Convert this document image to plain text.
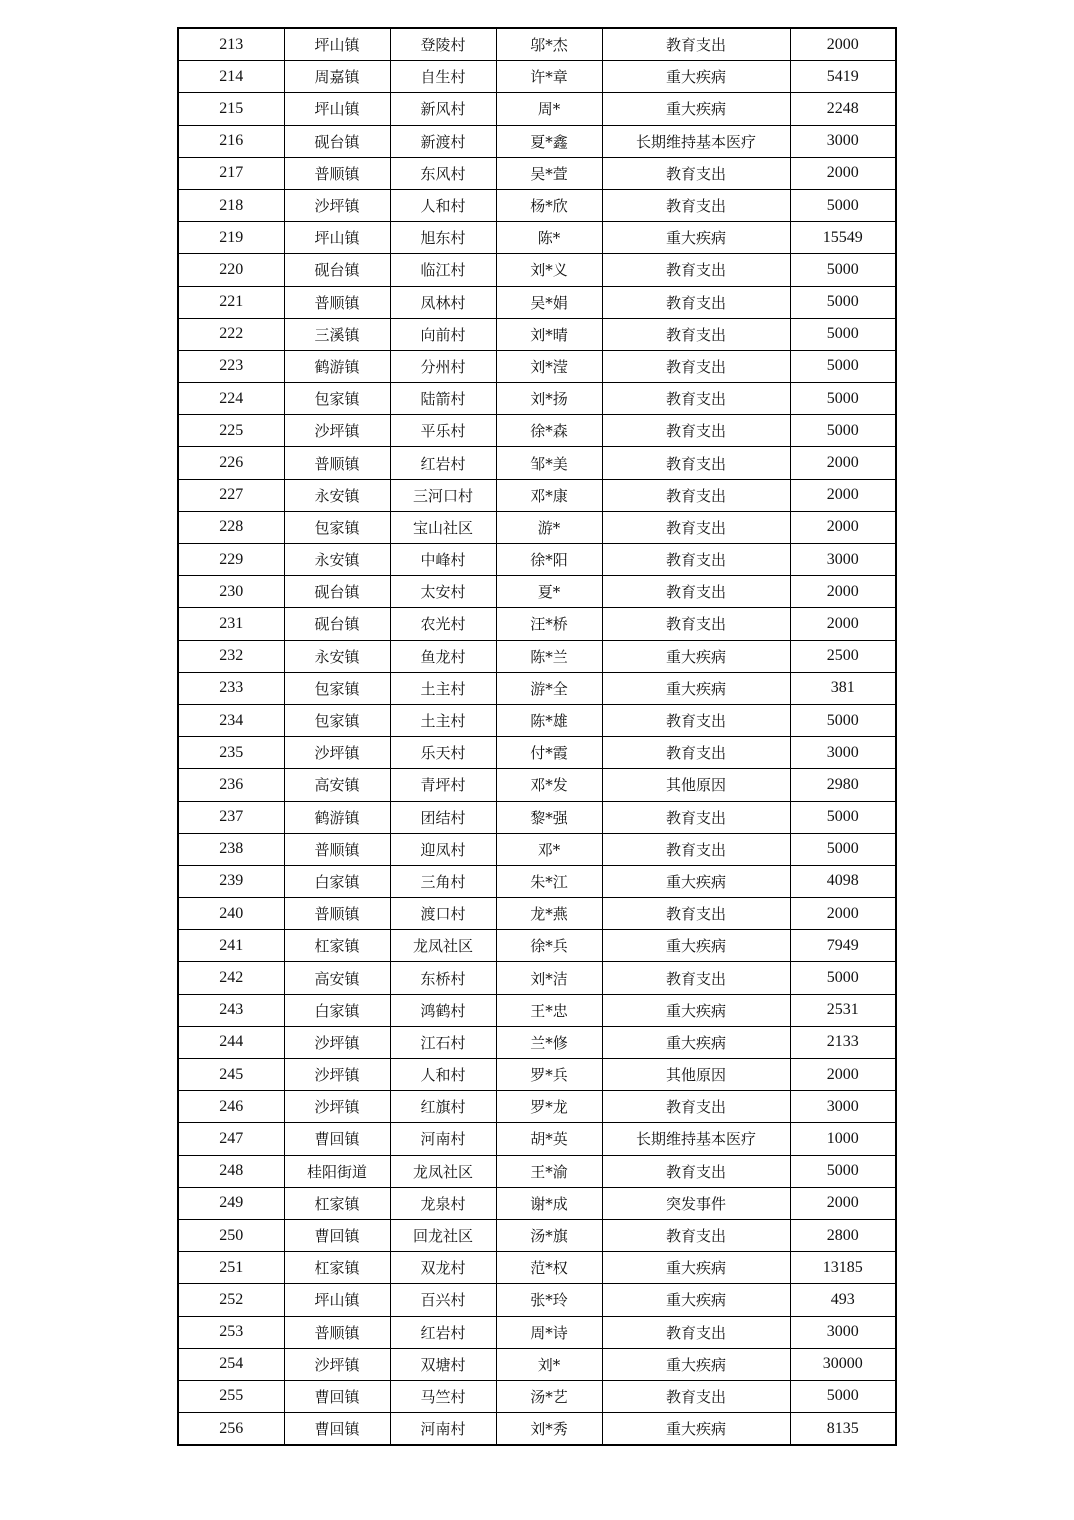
213	坪山镇	登陵村	邬*杰	教育支出	2000
214	周嘉镇	自生村	许*章	重大疾病	5419
215	坪山镇	新风村	周*	重大疾病	2248
216	砚台镇	新渡村	夏*鑫	长期维持基本医疗	3000
217	普顺镇	东风村	吴*萱	教育支出	2000
218	沙坪镇	人和村	杨*欣	教育支出	5000
219	坪山镇	旭东村	陈*	重大疾病	15549
220	砚台镇	临江村	刘*义	教育支出	5000
221	普顺镇	凤林村	吴*娟	教育支出	5000
222	三溪镇	向前村	刘*晴	教育支出	5000
223	鹤游镇	分州村	刘*滢	教育支出	5000
224	包家镇	陆箭村	刘*扬	教育支出	5000
225	沙坪镇	平乐村	徐*森	教育支出	5000
226	普顺镇	红岩村	邹*美	教育支出	2000
227	永安镇	三河口村	邓*康	教育支出	2000
228	包家镇	宝山社区	游*	教育支出	2000
229	永安镇	中峰村	徐*阳	教育支出	3000
230	砚台镇	太安村	夏*	教育支出	2000
231	砚台镇	农光村	汪*桥	教育支出	2000
232	永安镇	鱼龙村	陈*兰	重大疾病	2500
233	包家镇	土主村	游*全	重大疾病	381
234	包家镇	土主村	陈*雄	教育支出	5000
235	沙坪镇	乐天村	付*霞	教育支出	3000
236	高安镇	青坪村	邓*发	其他原因	2980
237	鹤游镇	团结村	黎*强	教育支出	5000
238	普顺镇	迎凤村	邓*	教育支出	5000
239	白家镇	三角村	朱*江	重大疾病	4098
240	普顺镇	渡口村	龙*燕	教育支出	2000
241	杠家镇	龙凤社区	徐*兵	重大疾病	7949
242	高安镇	东桥村	刘*洁	教育支出	5000
243	白家镇	鸿鹤村	王*忠	重大疾病	2531
244	沙坪镇	江石村	兰*修	重大疾病	2133
245	沙坪镇	人和村	罗*兵	其他原因	2000
246	沙坪镇	红旗村	罗*龙	教育支出	3000
247	曹回镇	河南村	胡*英	长期维持基本医疗	1000
248	桂阳街道	龙凤社区	王*渝	教育支出	5000
249	杠家镇	龙泉村	谢*成	突发事件	2000
250	曹回镇	回龙社区	汤*旗	教育支出	2800
251	杠家镇	双龙村	范*权	重大疾病	13185
252	坪山镇	百兴村	张*玲	重大疾病	493
253	普顺镇	红岩村	周*诗	教育支出	3000
254	沙坪镇	双塘村	刘*	重大疾病	30000
255	曹回镇	马竺村	汤*艺	教育支出	5000
256	曹回镇	河南村	刘*秀	重大疾病	8135
